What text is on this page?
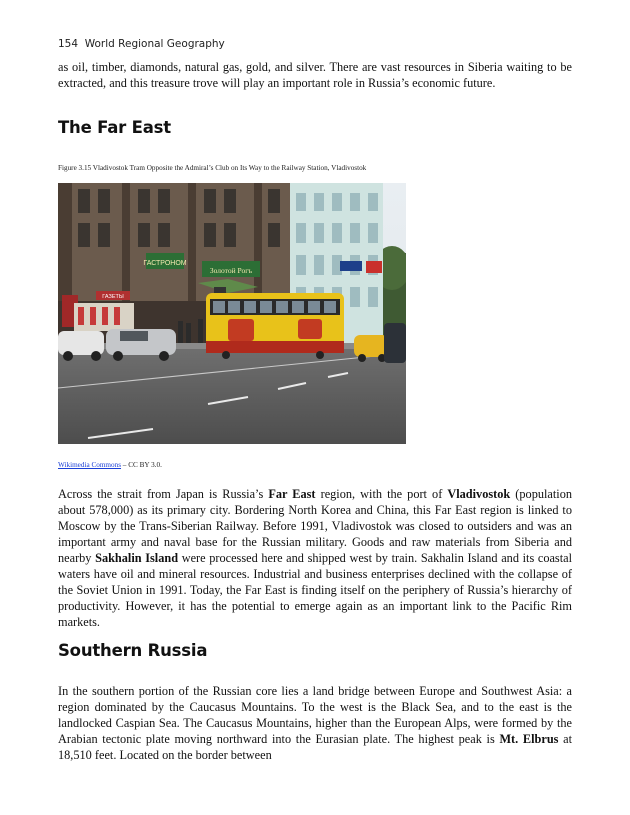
154 World Regional Geography

as oil, timber, diamonds, natural gas, gold, and silver. There are vast resources in Siberia waiting to be extracted, and this treasure trove will play an important role in Russia’s economic future.

The Far East
Figure 3.15 Vladivostok Tram Opposite the Admiral’s Club on Its Way to the Railway Station, Vladivostok
ГАСТРОНОМ
Золотой Рогъ
ГАЗЕТЫ
Wikimedia Commons – CC BY 3.0.

Across the strait from Japan is Russia’s Far East region, with the port of Vladivostok (population about 578,000) as its primary city. Bordering North Korea and China, this Far East region is linked to Moscow by the Trans-Siberian Railway. Before 1991, Vladivostok was closed to outsiders and was an important army and naval base for the Russian military. Goods and raw materials from Siberia and nearby Sakhalin Island were processed here and shipped west by train. Sakhalin Island and its coastal waters have oil and mineral resources. Industrial and business enterprises declined with the collapse of the Soviet Union in 1991. Today, the Far East is finding itself on the periphery of Russia’s hierarchy of productivity. However, it has the potential to emerge again as an important link to the Pacific Rim markets.

Southern Russia

In the southern portion of the Russian core lies a land bridge between Europe and Southwest Asia: a region dominated by the Caucasus Mountains. To the west is the Black Sea, and to the east is the landlocked Caspian Sea. The Caucasus Mountains, higher than the European Alps, were formed by the Arabian tectonic plate moving northward into the Eurasian plate. The highest peak is Mt. Elbrus at 18,510 feet. Located on the border between
